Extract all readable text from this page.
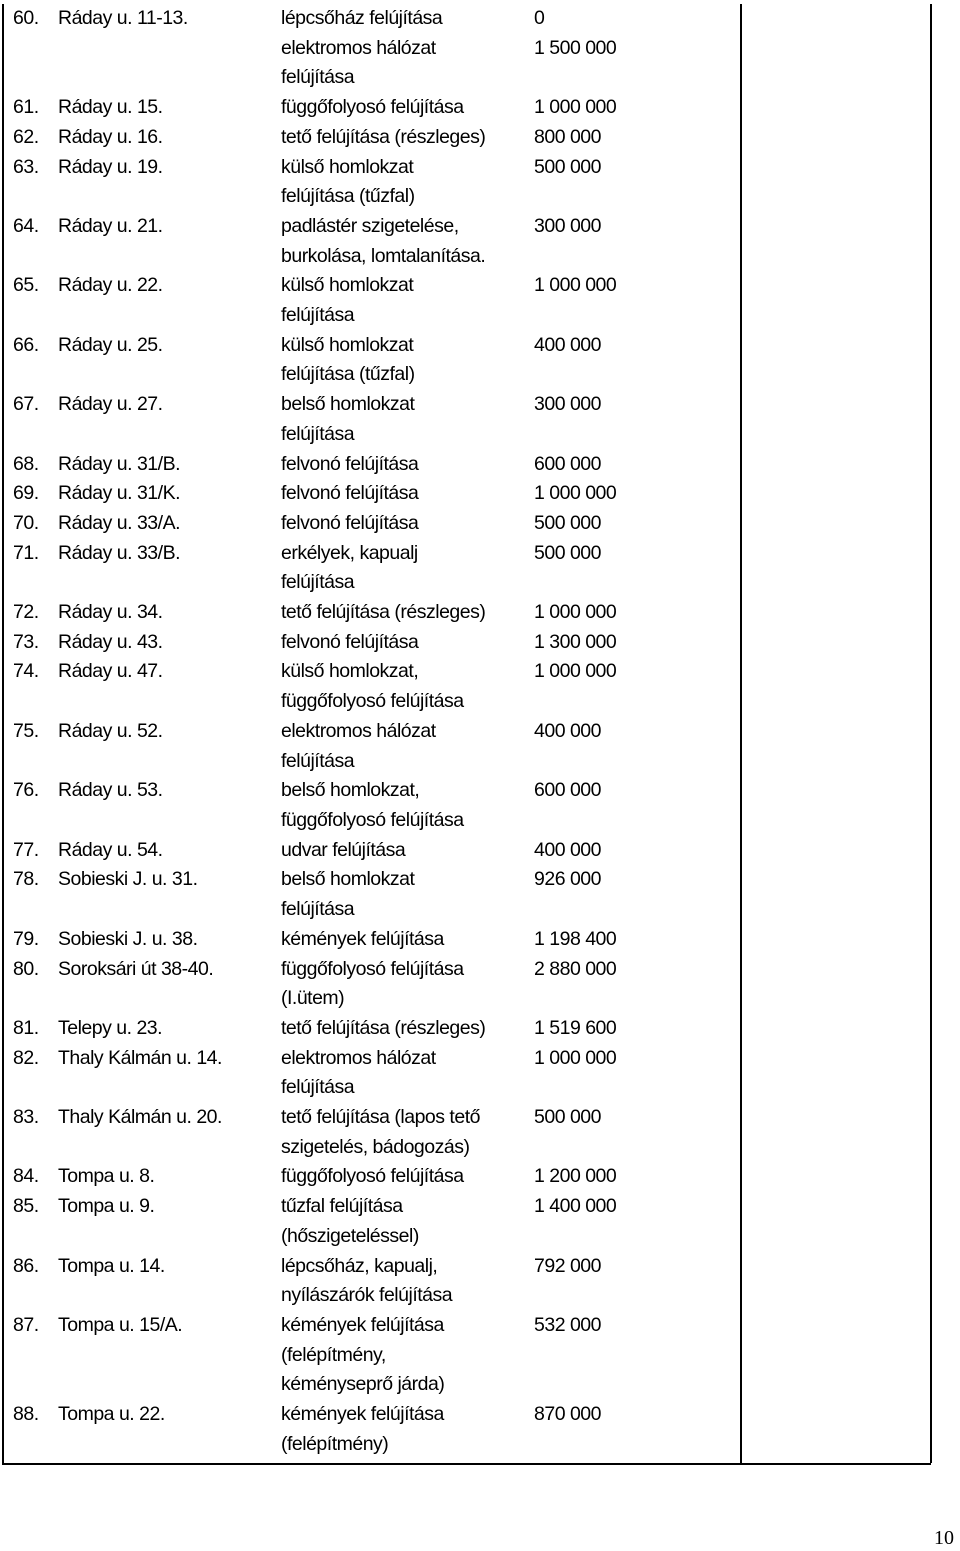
60.	Ráday u. 11-13.	lépcsőház felújítása	0	
		elektromos hálózat	1 500 000	
		felújítása		
61.	Ráday u. 15.	függőfolyosó felújítása	1 000 000	
62.	Ráday u. 16.	tető felújítása (részleges)	800 000	
63.	Ráday u. 19.	külső homlokzat	500 000	
		felújítása (tűzfal)		
64.	Ráday u. 21.	padlástér szigetelése,	300 000	
		burkolása, lomtalanítása.		
65.	Ráday u. 22.	külső homlokzat	1 000 000	
		felújítása		
66.	Ráday u. 25.	külső homlokzat	400 000	
		felújítása (tűzfal)		
67.	Ráday u. 27.	belső homlokzat	300 000	
		felújítása		
68.	Ráday u. 31/B.	felvonó felújítása	600 000	
69.	Ráday u. 31/K.	felvonó felújítása	1 000 000	
70.	Ráday u. 33/A.	felvonó felújítása	500 000	
71.	Ráday u. 33/B.	erkélyek, kapualj	500 000	
		felújítása		
72.	Ráday u. 34.	tető felújítása (részleges)	1 000 000	
73.	Ráday u. 43.	felvonó felújítása	1 300 000	
74.	Ráday u. 47.	külső homlokzat,	1 000 000	
		függőfolyosó felújítása		
75.	Ráday u. 52.	elektromos hálózat	400 000	
		felújítása		
76.	Ráday u. 53.	belső homlokzat,	600 000	
		függőfolyosó felújítása		
77.	Ráday u. 54.	udvar felújítása	400 000	
78.	Sobieski J. u. 31.	belső homlokzat	926 000	
		felújítása		
79.	Sobieski J. u. 38.	kémények felújítása	1 198 400	
80.	Soroksári út 38-40.	függőfolyosó felújítása	2 880 000	
		(I.ütem)		
81.	Telepy u. 23.	tető felújítása (részleges)	1 519 600	
82.	Thaly Kálmán u. 14.	elektromos hálózat	1 000 000	
		felújítása		
83.	Thaly Kálmán u. 20.	tető felújítása (lapos tető	500 000	
		szigetelés, bádogozás)		
84.	Tompa u. 8.	függőfolyosó felújítása	1 200 000	
85.	Tompa u. 9.	tűzfal felújítása	1 400 000	
		(hőszigeteléssel)		
86.	Tompa u. 14.	lépcsőház, kapualj,	792 000	
		nyílászárók felújítása		
87.	Tompa u. 15/A.	kémények felújítása	532 000	
		(felépítmény,		
		kéményseprő járda)		
88.	Tompa u. 22.	kémények felújítása	870 000	
		(felépítmény)		
10
